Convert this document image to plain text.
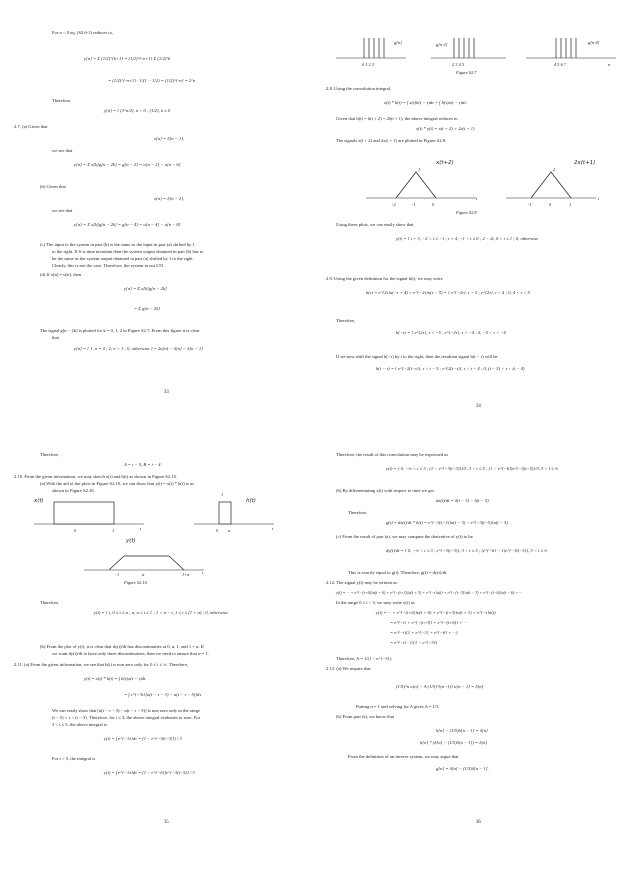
For n < 0 eq. (S2.6-1) reduces to,
y[n] = Σ (1/2)^{k+1} = (1/2)^{-n+1} Σ (1/2)^k
= (1/2)^{-n+1} · 1/(1 − 1/2) = (1/2)^{-n} = 2^n
Therefore,
y[n] = { (3^n/2), n < 0 ; (1/2), n ≥ 0
2.7. (a) Given that
x[n] = δ[n − 1],
we see that
y[n] = Σ x[k]g[n − 2k] = g[n − 2] = u[n − 2] − u[n − 6]
(b) Given that
x[n] = δ[n − 2],
we see that
y[n] = Σ x[k]g[n − 2k] = g[n − 4] = u[n − 4] − u[n − 8]
(c) The input to the system in part (b) is the same as the input in part (a) shifted by 1
to the right. If S is time invariant then the system output obtained in part (b) has to
be the same as the system output obtained in part (a) shifted by 1 to the right.
Clearly, this is not the case. Therefore, the system in not LTI.
(d) If x[n] = u[n], then
y[n] = Σ x[k]g[n − 2k]
= Σ g[n − 2k]
The signal g[n − 2k] is plotted for k = 0, 1, 2 in Figure S2.7. From this figure it is clear
that
y[n] = { 1, n = 0 ; 2, n > 1 ; 0, otherwise } = 2u[n] − δ[n] − δ[n − 1]
33
g[n]	g[n-2]	g[n-4]
0 1 2 3	2 3 4 5	4 5 6 7	n
Figure S2.7
2.8. Using the convolution integral,
x(t) * h(t) = ∫ x(τ)h(t − τ)dτ = ∫ h(τ)x(t − τ)dτ.
Given that h(t) = δ(t + 2) + 2δ(t + 1), the above integral reduces to
x(t) * y(t) = x(t + 2) + 2x(t + 1)
The signals x(t + 2) and 2x(t + 1) are plotted in Figure S2.8.
x(t+2)	2x(t+1)
-2	-1	0
t
-1	0	1
t
1	2
Figure S2.8
Using these plots, we can easily show that
y(t) = { t + 3, −2 < t ≤ −1 ; t + 4, −1 < t ≤ 0 ; 2 − 2t, 0 < t ≤ 1 ; 0, otherwise
2.9. Using the given definition for the signal h(t), we may write
h(τ) = e^{2τ}u(−τ + 4) + e^{−2τ}u(τ − 5) = { e^{−2τ}, τ > 5 ; e^{2τ}, τ < 4 ; 0, 4 < τ < 5
Therefore,
h(−τ) = { e^{2τ}, τ < −5 ; e^{−2τ}, τ > −4 ; 0, −5 < τ < −4
If we now shift the signal h(−τ) by t to the right, then the resultant signal h(t − τ) will be
h(t − τ) = { e^{−2(t−τ)}, τ < t − 5 ; e^{2(t−τ)}, τ > t − 4 ; 0, (t − 5) < τ < (t − 4)
34
Therefore,
A = t − 5, B = t − 4.
2.10. From the given information, we may sketch x(t) and h(t) as shown in Figure S2.10.
(a) With the aid of the plots in Figure S2.10, we can show that y(t) = x(t) * h(t) is as
shown in Figure S2.10.
x(t)	h(t)
y(t)
0	1	t	0 α	t
1
−1	α	1+α	t
Figure S2.10
Therefore,
y(t) = { t, 0 ≤ t ≤ α ; α, α ≤ t ≤ 1 ; 1 + α − t, 1 ≤ t ≤ (1 + α) ; 0, otherwise
(b) From the plot of y(t), it is clear that dy(t)/dt has discontinuities at 0, α, 1, and 1 + α. If
we want dy(t)/dt to have only three discontinuities, then we need to ensure that α = 1.
2.11. (a) From the given information, we see that h(t) is non zero only for 0 ≤ t ≤ ∞. Therefore,
y(t) = x(t) * h(t) = ∫ h(τ)x(t − τ)dτ
= ∫ e^{−3τ}[u(t − τ − 3) − u(t − τ − 5)]dτ
We can easily show that [u(t − τ − 3) − u(t − τ − 5)] is non zero only in the range
(t − 5) < τ < (t − 3). Therefore, for t ≤ 3, the above integral evaluates to zero. For
3 < t ≤ 5, the above integral is
y(t) = ∫ e^{−3τ}dτ = (1 − e^{−3(t−3)}) / 3
For t > 5, the integral is
y(t) = ∫ e^{−3τ}dτ = (1 − e^{−6})e^{−3(t−5)} / 3
35
Therefore, the result of this convolution may be expressed as
y(t) = { 0, −∞ < t ≤ 3 ; (1 − e^{−3(t−3)})/3, 3 < t ≤ 5 ; (1 − e^{−6})e^{−3(t−5)}/3, 5 < t ≤ ∞
(b) By differentiating x(t) with respect to time we get
dx(t)/dt = δ(t − 3) − δ(t − 5)
Therefore,
g(t) = dx(t)/dt * h(t) = e^{−3(t−3)}u(t − 3) − e^{−3(t−5)}u(t − 5).
(c) From the result of part (a), we may compute the derivative of y(t) to be
dy(t)/dt = { 0, −∞ < t ≤ 3 ; e^{−3(t−3)}, 3 < t ≤ 5 ; (e^{−6} − 1)e^{−3(t−5)}, 5 < t ≤ ∞
This is exactly equal to g(t). Therefore, g(t) = dy(t)/dt.
2.12. The signal y(t) may be written as
y(t) = ··· + e^{−(t+6)}u(t + 6) + e^{−(t+3)}u(t + 3) + e^{−t}u(t) + e^{−(t−3)}u(t − 3) + e^{−(t−6)}u(t − 6) + ···
In the range 0 ≤ t < 3, we may write y(t) as
y(t) = ··· + e^{−(t+6)}u(t + 6) + e^{−(t+3)}u(t + 3) + e^{−t}u(t)
= e^{−t} + e^{−(t+3)} + e^{−(t+6)} + ···
= e^{−t}(1 + e^{−3} + e^{−6} + ···)
= e^{−t} · 1/(1 − e^{−3})
Therefore, A = 1/(1 − e^{−3}).
2.13. (a) We require that
(1/5)^n u[n] − A (1/5)^{(n−1)} u[n − 1] = δ[n]
Putting n = 1 and solving for A gives A = 1/5.
(b) From part (a), we know that
h[n] − (1/5)h[n − 1] = δ[n]
h[n] * (δ[n] − (1/5)δ[n − 1]) = δ[n]
From the definition of an inverse system, we may argue that
g[n] = δ[n] − (1/5)δ[n − 1].
36
